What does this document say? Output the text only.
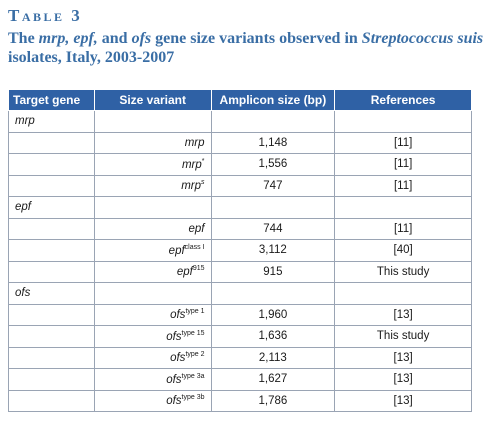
Table 3
The mrp, epf, and ofs gene size variants observed in Streptococcus suis isolates, Italy, 2003-2007
Target gene	Size variant	Amplicon size (bp)	References
mrp			
	mrp	1,148	[11]
	mrp*	1,556	[11]
	mrp$^s$	747	[11]
epf			
	epf	744	[11]
	epf$^{class I}$	3,112	[40]
	epf$^{915}$	915	This study
ofs			
	ofs$^{type 1}$	1,960	[13]
	ofs$^{type 15}$	1,636	This study
	ofs$^{type 2}$	2,113	[13]
	ofs$^{type 3a}$	1,627	[13]
	ofs$^{type 3b}$	1,786	[13]
